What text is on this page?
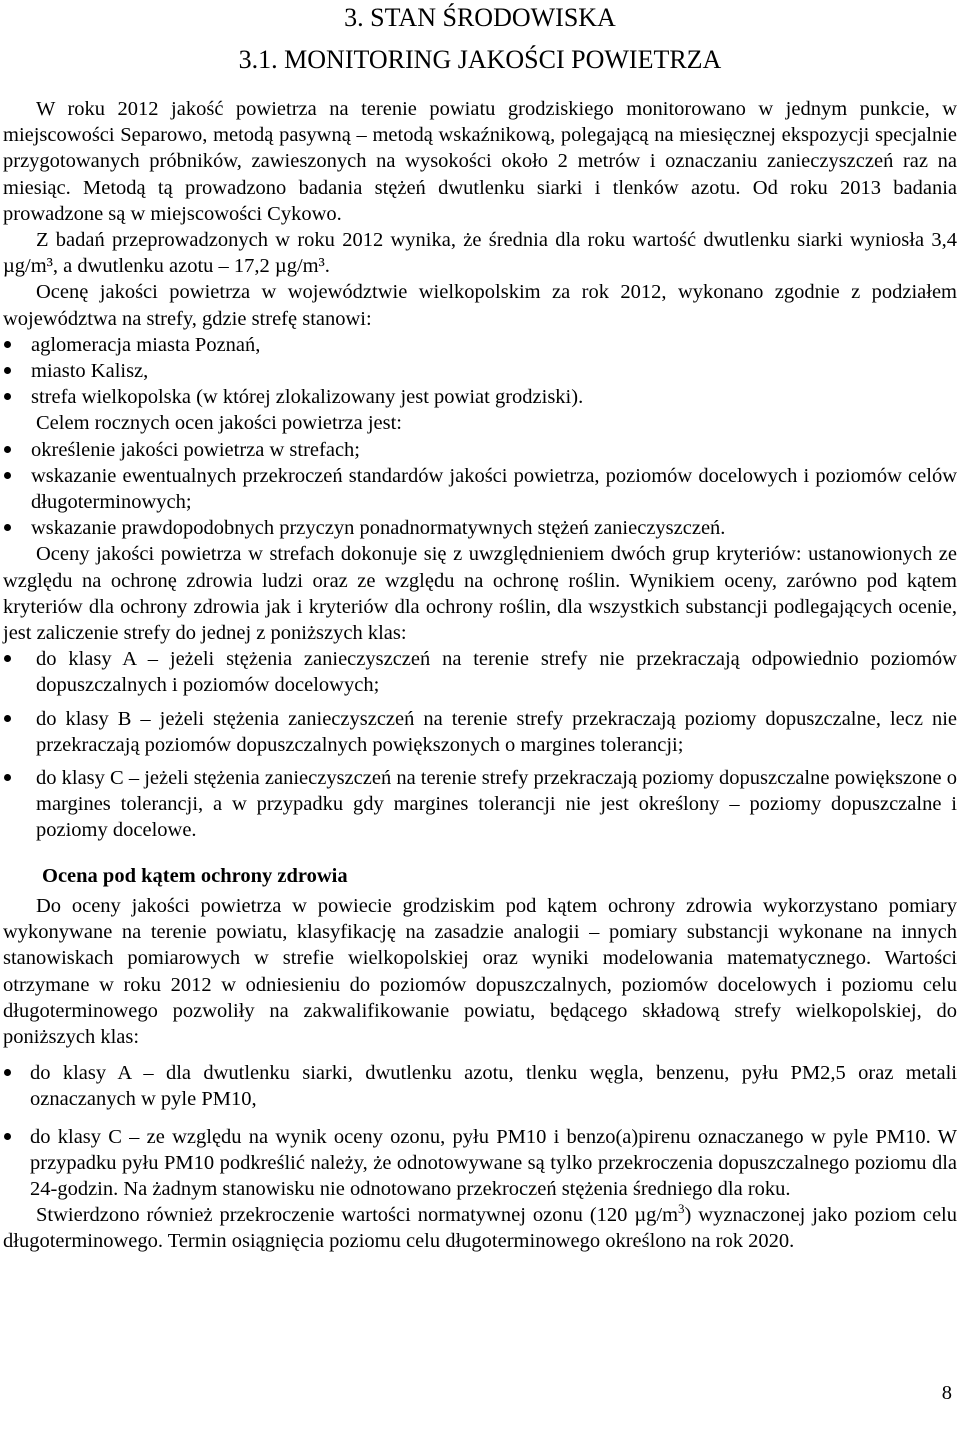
3. STAN ŚRODOWISKA
3.1. MONITORING JAKOŚCI POWIETRZA

W roku 2012 jakość powietrza na terenie powiatu grodziskiego monitorowano w jednym punkcie, w miejscowości Separowo, metodą pasywną – metodą wskaźnikową, polegającą na miesięcznej ekspozycji specjalnie przygotowanych próbników, zawieszonych na wysokości około 2 metrów i oznaczaniu zanieczyszczeń raz na miesiąc. Metodą tą prowadzono badania stężeń dwutlenku siarki i tlenków azotu. Od roku 2013 badania prowadzone są w miejscowości Cykowo.

Z badań przeprowadzonych w roku 2012 wynika, że średnia dla roku wartość dwutlenku siarki wyniosła 3,4 µg/m³, a dwutlenku azotu – 17,2 µg/m³.

Ocenę jakości powietrza w województwie wielkopolskim za rok 2012, wykonano zgodnie z podziałem województwa na strefy, gdzie strefę stanowi:

aglomeracja miasta Poznań,
miasto Kalisz,
strefa wielkopolska (w której zlokalizowany jest powiat grodziski).

Celem rocznych ocen jakości powietrza jest:

określenie jakości powietrza w strefach;
wskazanie ewentualnych przekroczeń standardów jakości powietrza, poziomów docelowych i poziomów celów długoterminowych;
wskazanie prawdopodobnych przyczyn ponadnormatywnych stężeń zanieczyszczeń.

Oceny jakości powietrza w strefach dokonuje się z uwzględnieniem dwóch grup kryteriów: ustanowionych ze względu na ochronę zdrowia ludzi oraz ze względu na ochronę roślin. Wynikiem oceny, zarówno pod kątem kryteriów dla ochrony zdrowia jak i kryteriów dla ochrony roślin, dla wszystkich substancji podlegających ocenie, jest zaliczenie strefy do jednej z poniższych klas:

do klasy A – jeżeli stężenia zanieczyszczeń na terenie strefy nie przekraczają odpowiednio poziomów dopuszczalnych i poziomów docelowych;
do klasy B – jeżeli stężenia zanieczyszczeń na terenie strefy przekraczają poziomy dopuszczalne, lecz nie przekraczają poziomów dopuszczalnych powiększonych o margines tolerancji;
do klasy C – jeżeli stężenia zanieczyszczeń na terenie strefy przekraczają poziomy dopuszczalne powiększone o margines tolerancji, a w przypadku gdy margines tolerancji nie jest określony – poziomy dopuszczalne i poziomy docelowe.
Ocena pod kątem ochrony zdrowia

Do oceny jakości powietrza w powiecie grodziskim pod kątem ochrony zdrowia wykorzystano pomiary wykonywane na terenie powiatu, klasyfikację na zasadzie analogii – pomiary substancji wykonane na innych stanowiskach pomiarowych w strefie wielkopolskiej oraz wyniki modelowania matematycznego. Wartości otrzymane w roku 2012 w odniesieniu do poziomów dopuszczalnych, poziomów docelowych i poziomu celu długoterminowego pozwoliły na zakwalifikowanie powiatu, będącego składową strefy wielkopolskiej, do poniższych klas:

do klasy A – dla dwutlenku siarki, dwutlenku azotu, tlenku węgla, benzenu, pyłu PM2,5 oraz metali oznaczanych w pyle PM10,
do klasy C – ze względu na wynik oceny ozonu, pyłu PM10 i benzo(a)pirenu oznaczanego w pyle PM10. W przypadku pyłu PM10 podkreślić należy, że odnotowywane są tylko przekroczenia dopuszczalnego poziomu dla 24-godzin. Na żadnym stanowisku nie odnotowano przekroczeń stężenia średniego dla roku.

Stwierdzono również przekroczenie wartości normatywnej ozonu (120 $\mu g/m^3$) wyznaczonej jako poziom celu długoterminowego. Termin osiągnięcia poziomu celu długoterminowego określono na rok 2020.

8
